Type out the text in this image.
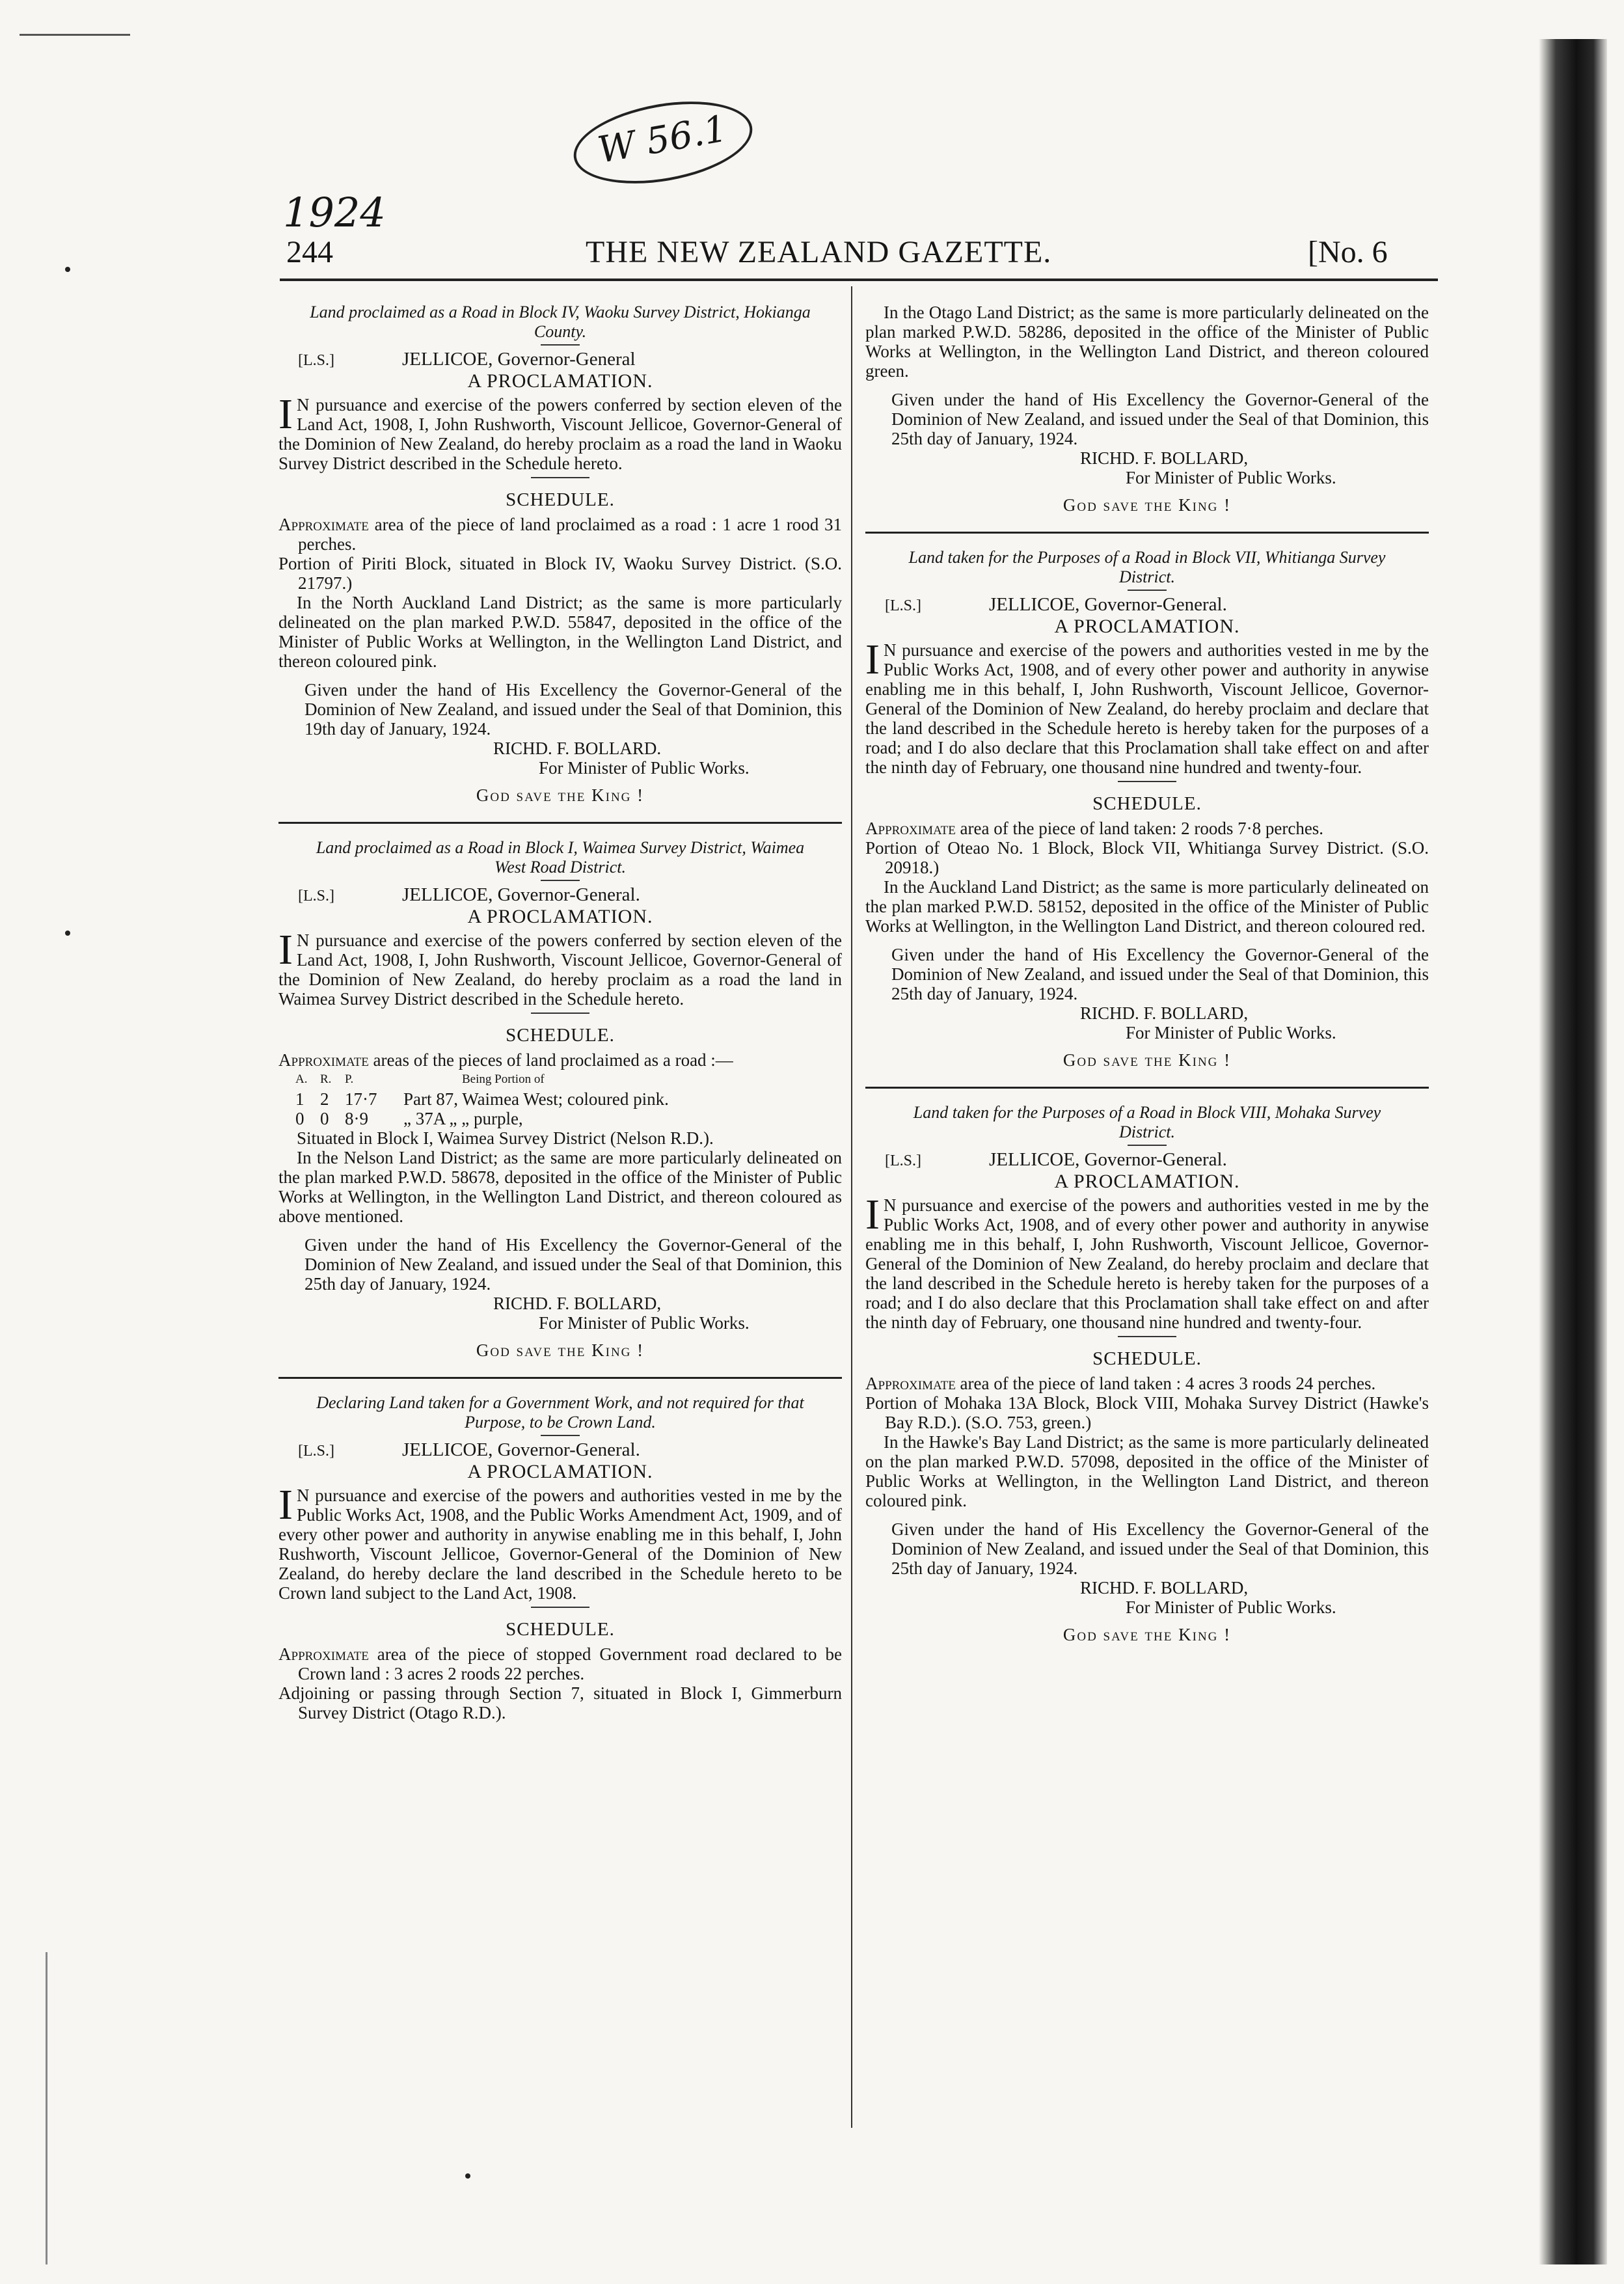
W 56.1
1924
244	THE NEW ZEALAND GAZETTE.	[No. 6
Land proclaimed as a Road in Block IV, Waoku Survey District, Hokianga County.
[L.S.]	JELLICOE, Governor-General
A PROCLAMATION.
I N pursuance and exercise of the powers conferred by section eleven of the Land Act, 1908, I, John Rushworth, Viscount Jellicoe, Governor-General of the Dominion of New Zealand, do hereby proclaim as a road the land in Waoku Survey District described in the Schedule hereto.
SCHEDULE.
Approximate area of the piece of land proclaimed as a road : 1 acre 1 rood 31 perches.
Portion of Piriti Block, situated in Block IV, Waoku Survey District. (S.O. 21797.)
In the North Auckland Land District; as the same is more particularly delineated on the plan marked P.W.D. 55847, deposited in the office of the Minister of Public Works at Wellington, in the Wellington Land District, and thereon coloured pink.
Given under the hand of His Excellency the Governor-General of the Dominion of New Zealand, and issued under the Seal of that Dominion, this 19th day of January, 1924.
RICHD. F. BOLLARD.
For Minister of Public Works.
God save the King !
Land proclaimed as a Road in Block I, Waimea Survey District, Waimea West Road District.
[L.S.]	JELLICOE, Governor-General.
A PROCLAMATION.
I N pursuance and exercise of the powers conferred by section eleven of the Land Act, 1908, I, John Rushworth, Viscount Jellicoe, Governor-General of the Dominion of New Zealand, do hereby proclaim as a road the land in Waimea Survey District described in the Schedule hereto.
SCHEDULE.
Approximate areas of the pieces of land proclaimed as a road :—
A. R. P.	Being Portion of
1 2 17·7 Part 87, Waimea West; coloured pink.
0 0 8·9 „ 37A „ „ purple,
Situated in Block I, Waimea Survey District (Nelson R.D.).
In the Nelson Land District; as the same are more particularly delineated on the plan marked P.W.D. 58678, deposited in the office of the Minister of Public Works at Wellington, in the Wellington Land District, and thereon coloured as above mentioned.
Given under the hand of His Excellency the Governor-General of the Dominion of New Zealand, and issued under the Seal of that Dominion, this 25th day of January, 1924.
RICHD. F. BOLLARD,
For Minister of Public Works.
God save the King !
Declaring Land taken for a Government Work, and not required for that Purpose, to be Crown Land.
[L.S.]	JELLICOE, Governor-General.
A PROCLAMATION.
I N pursuance and exercise of the powers and authorities vested in me by the Public Works Act, 1908, and the Public Works Amendment Act, 1909, and of every other power and authority in anywise enabling me in this behalf, I, John Rushworth, Viscount Jellicoe, Governor-General of the Dominion of New Zealand, do hereby declare the land described in the Schedule hereto to be Crown land subject to the Land Act, 1908.
SCHEDULE.
Approximate area of the piece of stopped Government road declared to be Crown land : 3 acres 2 roods 22 perches.
Adjoining or passing through Section 7, situated in Block I, Gimmerburn Survey District (Otago R.D.).
In the Otago Land District; as the same is more particularly delineated on the plan marked P.W.D. 58286, deposited in the office of the Minister of Public Works at Wellington, in the Wellington Land District, and thereon coloured green.
Given under the hand of His Excellency the Governor-General of the Dominion of New Zealand, and issued under the Seal of that Dominion, this 25th day of January, 1924.
RICHD. F. BOLLARD,
For Minister of Public Works.
God save the King !
Land taken for the Purposes of a Road in Block VII, Whitianga Survey District.
[L.S.]	JELLICOE, Governor-General.
A PROCLAMATION.
I N pursuance and exercise of the powers and authorities vested in me by the Public Works Act, 1908, and of every other power and authority in anywise enabling me in this behalf, I, John Rushworth, Viscount Jellicoe, Governor-General of the Dominion of New Zealand, do hereby proclaim and declare that the land described in the Schedule hereto is hereby taken for the purposes of a road; and I do also declare that this Proclamation shall take effect on and after the ninth day of February, one thousand nine hundred and twenty-four.
SCHEDULE.
Approximate area of the piece of land taken: 2 roods 7·8 perches.
Portion of Oteao No. 1 Block, Block VII, Whitianga Survey District. (S.O. 20918.)
In the Auckland Land District; as the same is more particularly delineated on the plan marked P.W.D. 58152, deposited in the office of the Minister of Public Works at Wellington, in the Wellington Land District, and thereon coloured red.
Given under the hand of His Excellency the Governor-General of the Dominion of New Zealand, and issued under the Seal of that Dominion, this 25th day of January, 1924.
RICHD. F. BOLLARD,
For Minister of Public Works.
God save the King !
Land taken for the Purposes of a Road in Block VIII, Mohaka Survey District.
[L.S.]	JELLICOE, Governor-General.
A PROCLAMATION.
I N pursuance and exercise of the powers and authorities vested in me by the Public Works Act, 1908, and of every other power and authority in anywise enabling me in this behalf, I, John Rushworth, Viscount Jellicoe, Governor-General of the Dominion of New Zealand, do hereby proclaim and declare that the land described in the Schedule hereto is hereby taken for the purposes of a road; and I do also declare that this Proclamation shall take effect on and after the ninth day of February, one thousand nine hundred and twenty-four.
SCHEDULE.
Approximate area of the piece of land taken : 4 acres 3 roods 24 perches.
Portion of Mohaka 13A Block, Block VIII, Mohaka Survey District (Hawke's Bay R.D.). (S.O. 753, green.)
In the Hawke's Bay Land District; as the same is more particularly delineated on the plan marked P.W.D. 57098, deposited in the office of the Minister of Public Works at Wellington, in the Wellington Land District, and thereon coloured pink.
Given under the hand of His Excellency the Governor-General of the Dominion of New Zealand, and issued under the Seal of that Dominion, this 25th day of January, 1924.
RICHD. F. BOLLARD,
For Minister of Public Works.
God save the King !
